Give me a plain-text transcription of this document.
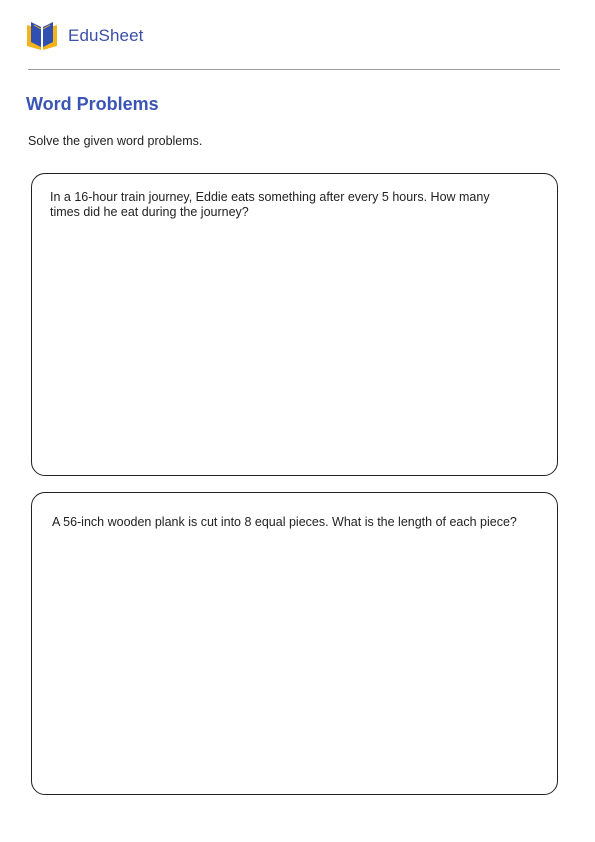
EduSheet
Word Problems

Solve the given word problems.

In a 16-hour train journey, Eddie eats something after every 5 hours. How many times did he eat during the journey?

A 56-inch wooden plank is cut into 8 equal pieces. What is the length of each piece?
